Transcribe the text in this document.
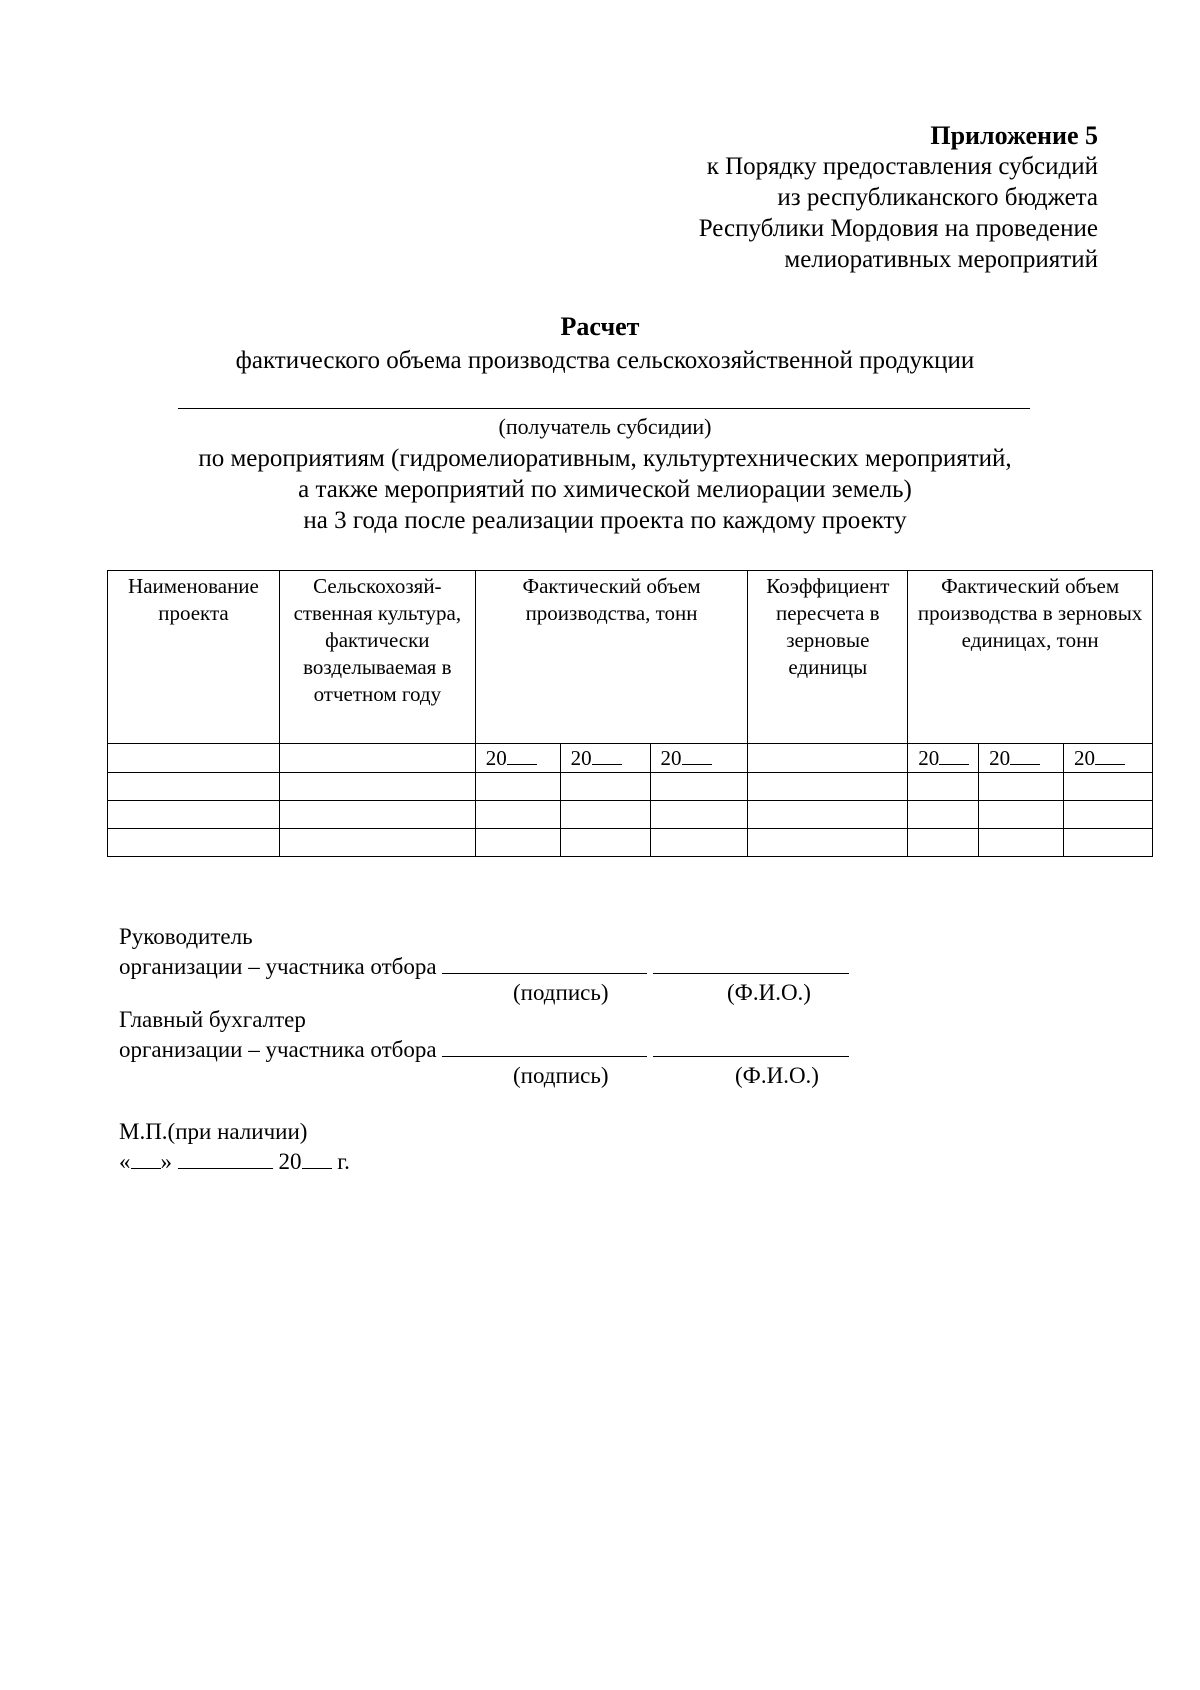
Приложение 5
к Порядку предоставления субсидий
из республиканского бюджета
Республики Мордовия на проведение
мелиоративных мероприятий
Расчет
фактического объема производства сельскохозяйственной продукции
(получатель субсидии)
по мероприятиям (гидромелиоративным, культуртехнических мероприятий,
а также мероприятий по химической мелиорации земель)
на 3 года после реализации проекта по каждому проекту
Наименование проекта	Сельскохозяй-ственная культура, фактически возделываемая в отчетном году	Фактический объем производства, тонн			Коэффициент пересчета в зерновые единицы	Фактический объем производства в зерновых единицах, тонн		
		20	20	20		20	20	20

Руководитель
организации – участника отбора
(подпись)	(Ф.И.О.)
Главный бухгалтер
организации – участника отбора
(подпись)	(Ф.И.О.)
М.П.(при наличии)
« »	20 г.
